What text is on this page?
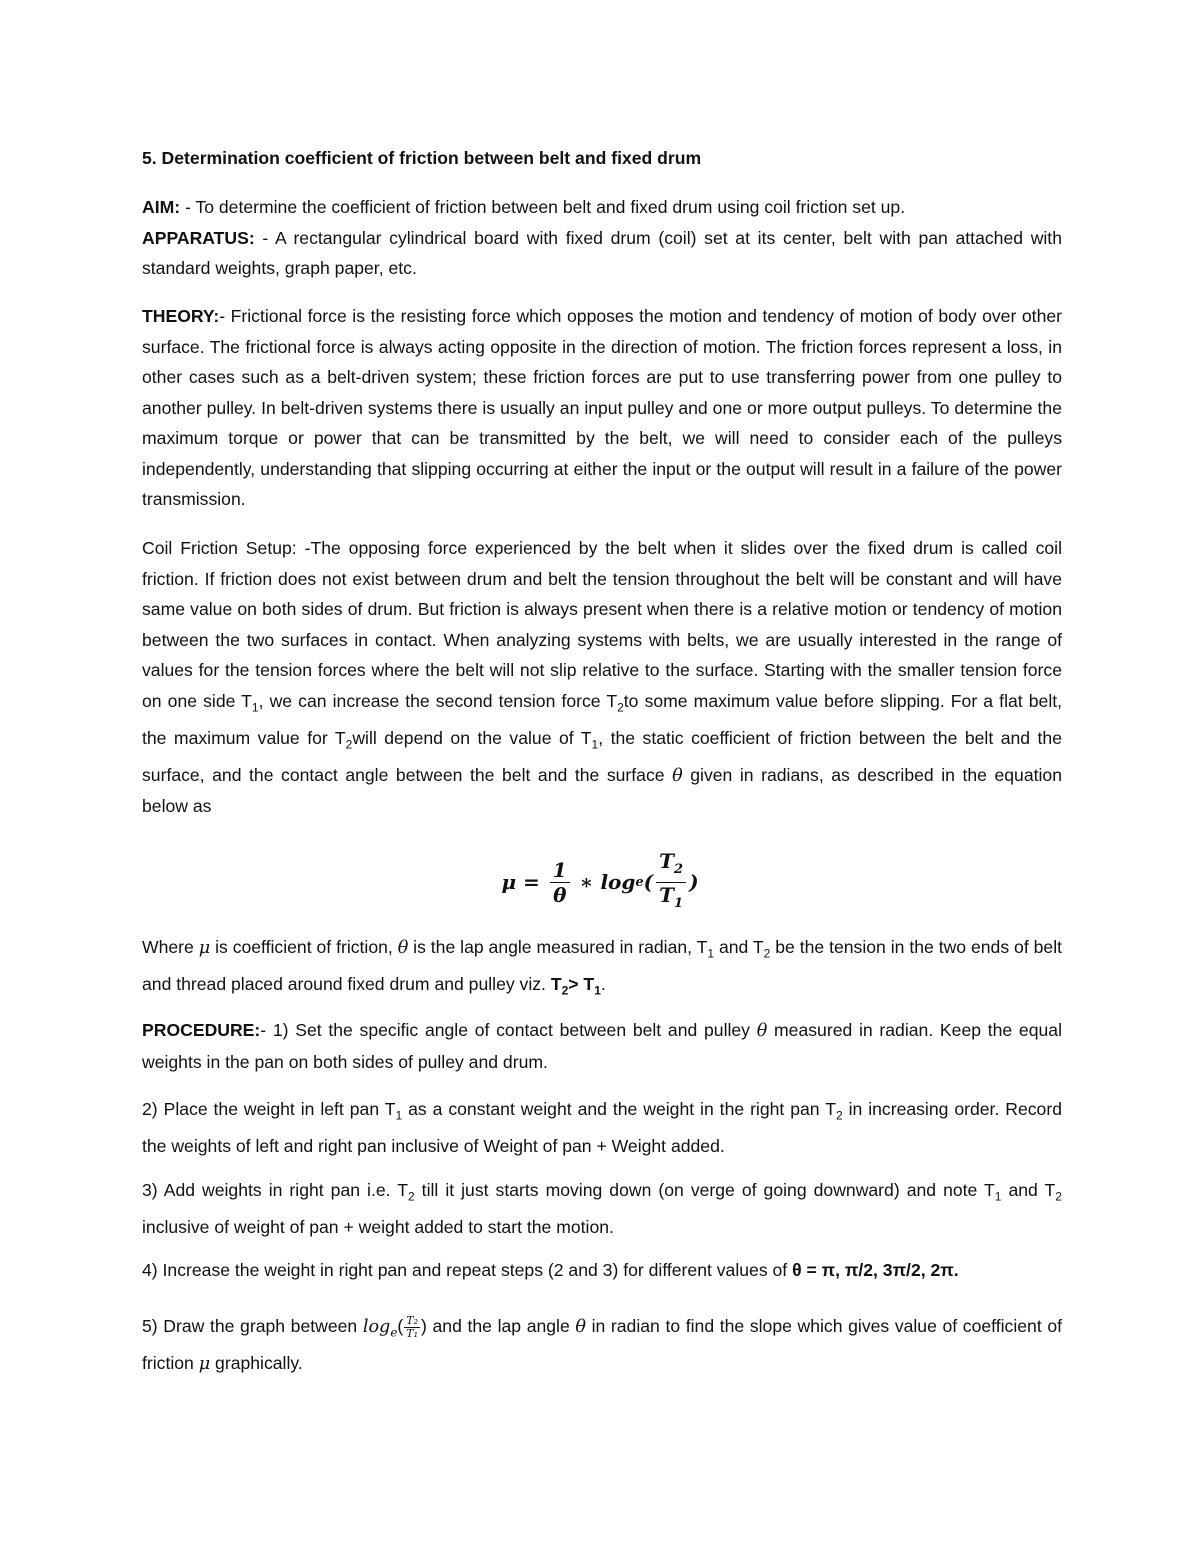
5. Determination coefficient of friction between belt and fixed drum

AIM: - To determine the coefficient of friction between belt and fixed drum using coil friction set up.

APPARATUS: - A rectangular cylindrical board with fixed drum (coil) set at its center, belt with pan attached with standard weights, graph paper, etc.

THEORY:- Frictional force is the resisting force which opposes the motion and tendency of motion of body over other surface. The frictional force is always acting opposite in the direction of motion. The friction forces represent a loss, in other cases such as a belt-driven system; these friction forces are put to use transferring power from one pulley to another pulley. In belt-driven systems there is usually an input pulley and one or more output pulleys. To determine the maximum torque or power that can be transmitted by the belt, we will need to consider each of the pulleys independently, understanding that slipping occurring at either the input or the output will result in a failure of the power transmission.

Coil Friction Setup: -The opposing force experienced by the belt when it slides over the fixed drum is called coil friction. If friction does not exist between drum and belt the tension throughout the belt will be constant and will have same value on both sides of drum. But friction is always present when there is a relative motion or tendency of motion between the two surfaces in contact. When analyzing systems with belts, we are usually interested in the range of values for the tension forces where the belt will not slip relative to the surface. Starting with the smaller tension force on one side $T_1$, we can increase the second tension force $T_2to$ some maximum value before slipping. For a flat belt, the maximum value for $T_2will$ depend on the value of $T_1$, the static coefficient of friction between the belt and the surface, and the contact angle between the belt and the surface θ given in radians, as described in the equation below as

$\mu = \frac{1}{\theta}$ ∗ log e ( $\frac{T_2}{T_1}$ )

Where μ is coefficient of friction, θ is the lap angle measured in radian, $T_1$ and $T_2$ be the tension in the two ends of belt and thread placed around fixed drum and pulley viz. $T_2> T_1$.

PROCEDURE:- 1) Set the specific angle of contact between belt and pulley θ measured in radian. Keep the equal weights in the pan on both sides of pulley and drum.

2) Place the weight in left pan $T_1$ as a constant weight and the weight in the right pan $T_2$ in increasing order. Record the weights of left and right pan inclusive of Weight of pan + Weight added.

3) Add weights in right pan i.e. $T_2$ till it just starts moving down (on verge of going downward) and note $T_1$ and $T_2$ inclusive of weight of pan + weight added to start the motion.

4) Increase the weight in right pan and repeat steps (2 and 3) for different values of θ = π, π/2, 3π/2, 2π.

5) Draw the graph between $\log_e( \frac{\text{T₂}}{\text{T₁}}$ ) and the lap angle θ in radian to find the slope which gives value of coefficient of friction μ graphically.
